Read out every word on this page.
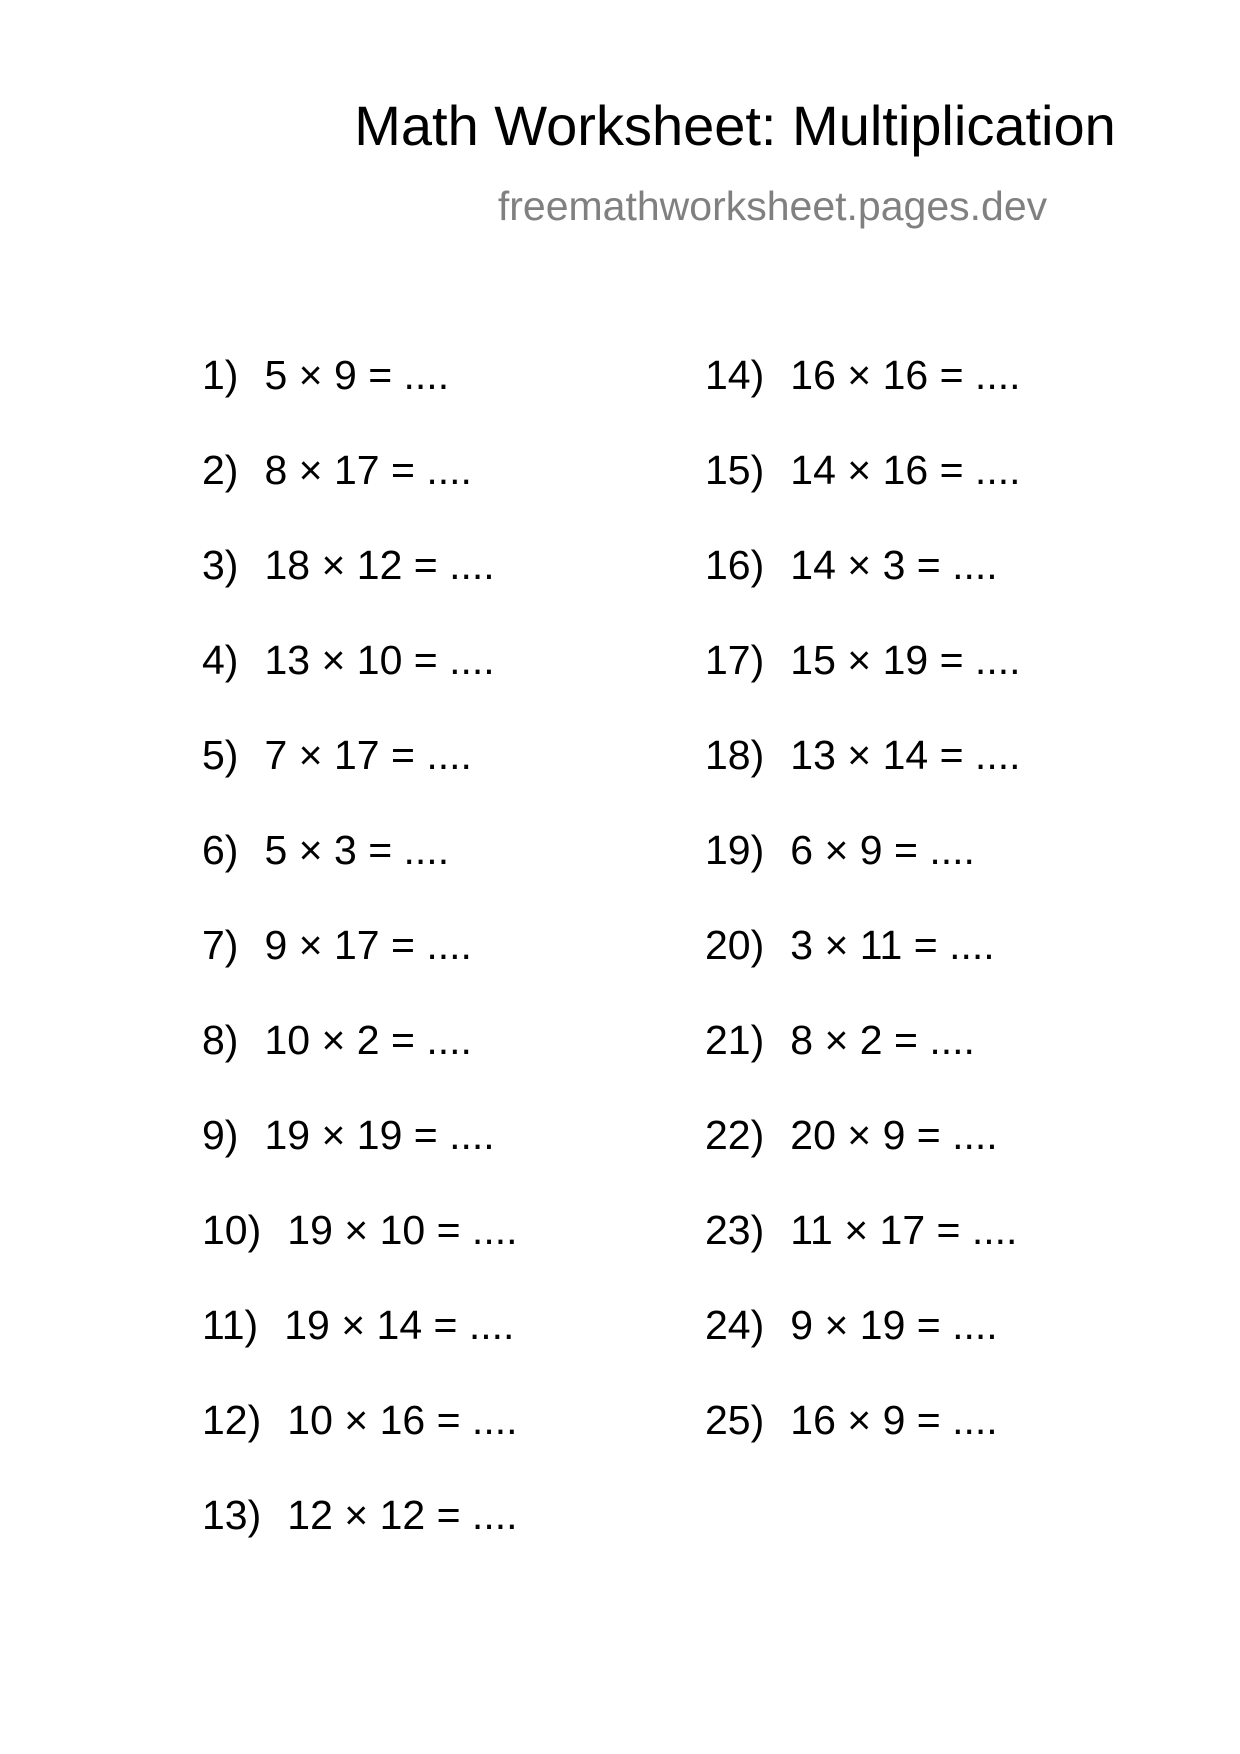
Math Worksheet: Multiplication
freemathworksheet.pages.dev
1) 5 × 9 = ....
2) 8 × 17 = ....
3) 18 × 12 = ....
4) 13 × 10 = ....
5) 7 × 17 = ....
6) 5 × 3 = ....
7) 9 × 17 = ....
8) 10 × 2 = ....
9) 19 × 19 = ....
10) 19 × 10 = ....
11) 19 × 14 = ....
12) 10 × 16 = ....
13) 12 × 12 = ....
14) 16 × 16 = ....
15) 14 × 16 = ....
16) 14 × 3 = ....
17) 15 × 19 = ....
18) 13 × 14 = ....
19) 6 × 9 = ....
20) 3 × 11 = ....
21) 8 × 2 = ....
22) 20 × 9 = ....
23) 11 × 17 = ....
24) 9 × 19 = ....
25) 16 × 9 = ....
